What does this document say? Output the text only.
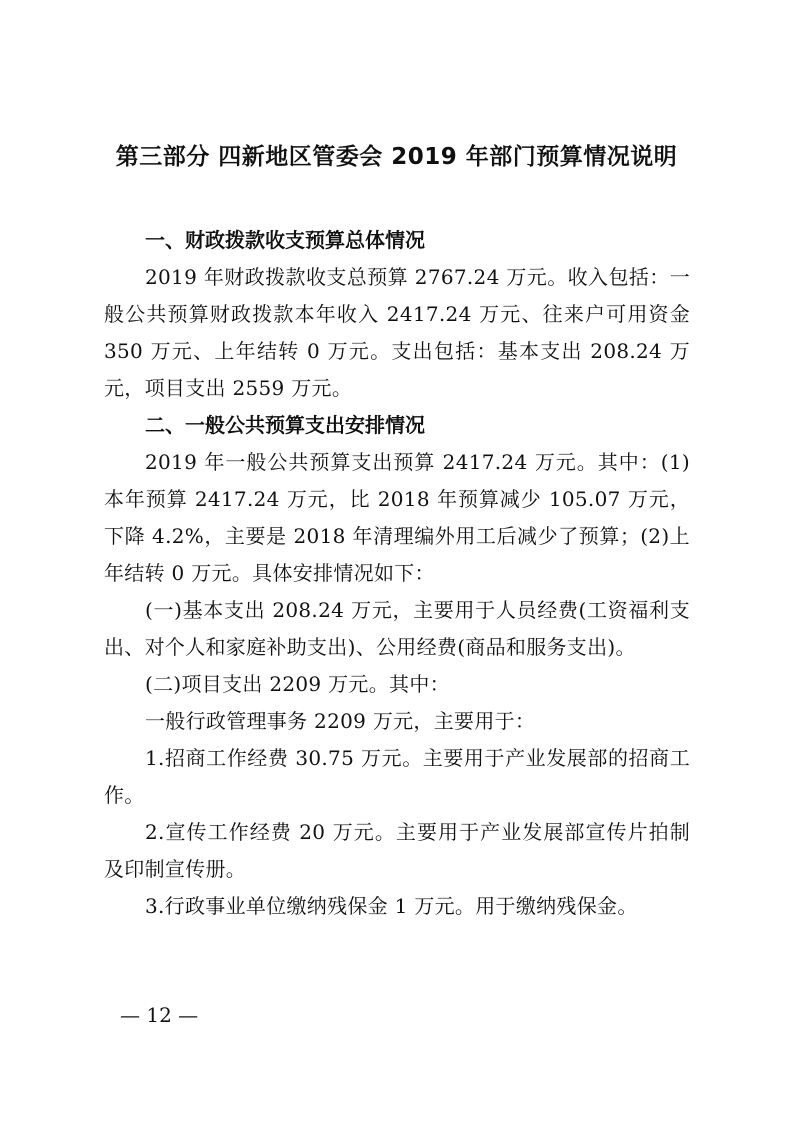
第三部分 四新地区管委会 2019 年部门预算情况说明
一、财政拨款收支预算总体情况

2019 年财政拨款收支总预算 2767.24 万元。收入包括：一般公共预算财政拨款本年收入 2417.24 万元、往来户可用资金 350 万元、上年结转 0 万元。支出包括：基本支出 208.24 万元，项目支出 2559 万元。

二、一般公共预算支出安排情况

2019 年一般公共预算支出预算 2417.24 万元。其中：(1)本年预算 2417.24 万元，比 2018 年预算减少 105.07 万元，下降 4.2%，主要是 2018 年清理编外用工后减少了预算；(2)上年结转 0 万元。具体安排情况如下：

(一)基本支出 208.24 万元，主要用于人员经费(工资福利支出、对个人和家庭补助支出)、公用经费(商品和服务支出)。

(二)项目支出 2209 万元。其中：

一般行政管理事务 2209 万元，主要用于：

1.招商工作经费 30.75 万元。主要用于产业发展部的招商工作。

2.宣传工作经费 20 万元。主要用于产业发展部宣传片拍制及印制宣传册。

3.行政事业单位缴纳残保金 1 万元。用于缴纳残保金。

— 12 —
